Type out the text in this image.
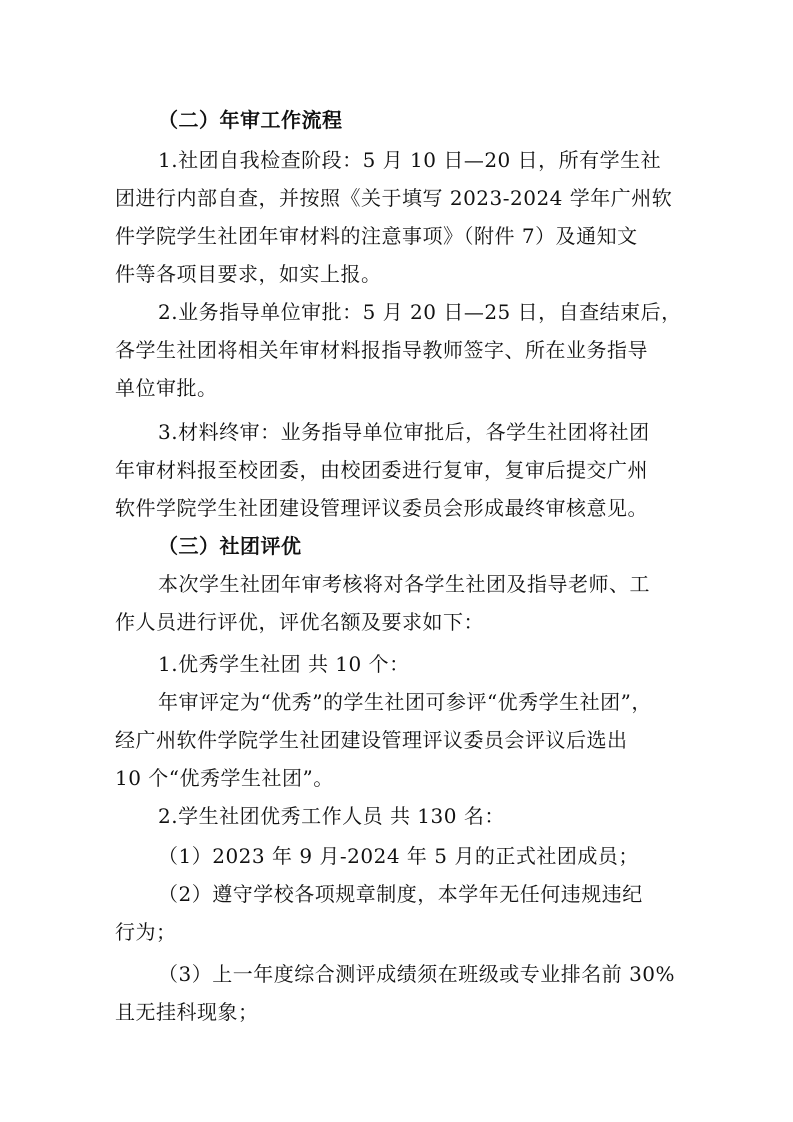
（二）年审工作流程
1.社团自我检查阶段：5 月 10 日—20 日，所有学生社
团进行内部自查，并按照《关于填写 2023-2024 学年广州软
件学院学生社团年审材料的注意事项》（附件 7）及通知文
件等各项目要求，如实上报。
2.业务指导单位审批：5 月 20 日—25 日，自查结束后，
各学生社团将相关年审材料报指导教师签字、所在业务指导
单位审批。
3.材料终审：业务指导单位审批后，各学生社团将社团
年审材料报至校团委，由校团委进行复审，复审后提交广州
软件学院学生社团建设管理评议委员会形成最终审核意见。
（三）社团评优
本次学生社团年审考核将对各学生社团及指导老师、工
作人员进行评优，评优名额及要求如下：
1.优秀学生社团 共 10 个：
年审评定为“优秀”的学生社团可参评“优秀学生社团”，
经广州软件学院学生社团建设管理评议委员会评议后选出
10 个“优秀学生社团”。
2.学生社团优秀工作人员 共 130 名：
（1）2023 年 9 月-2024 年 5 月的正式社团成员；
（2）遵守学校各项规章制度，本学年无任何违规违纪
行为；
（3）上一年度综合测评成绩须在班级或专业排名前 30%
且无挂科现象；
